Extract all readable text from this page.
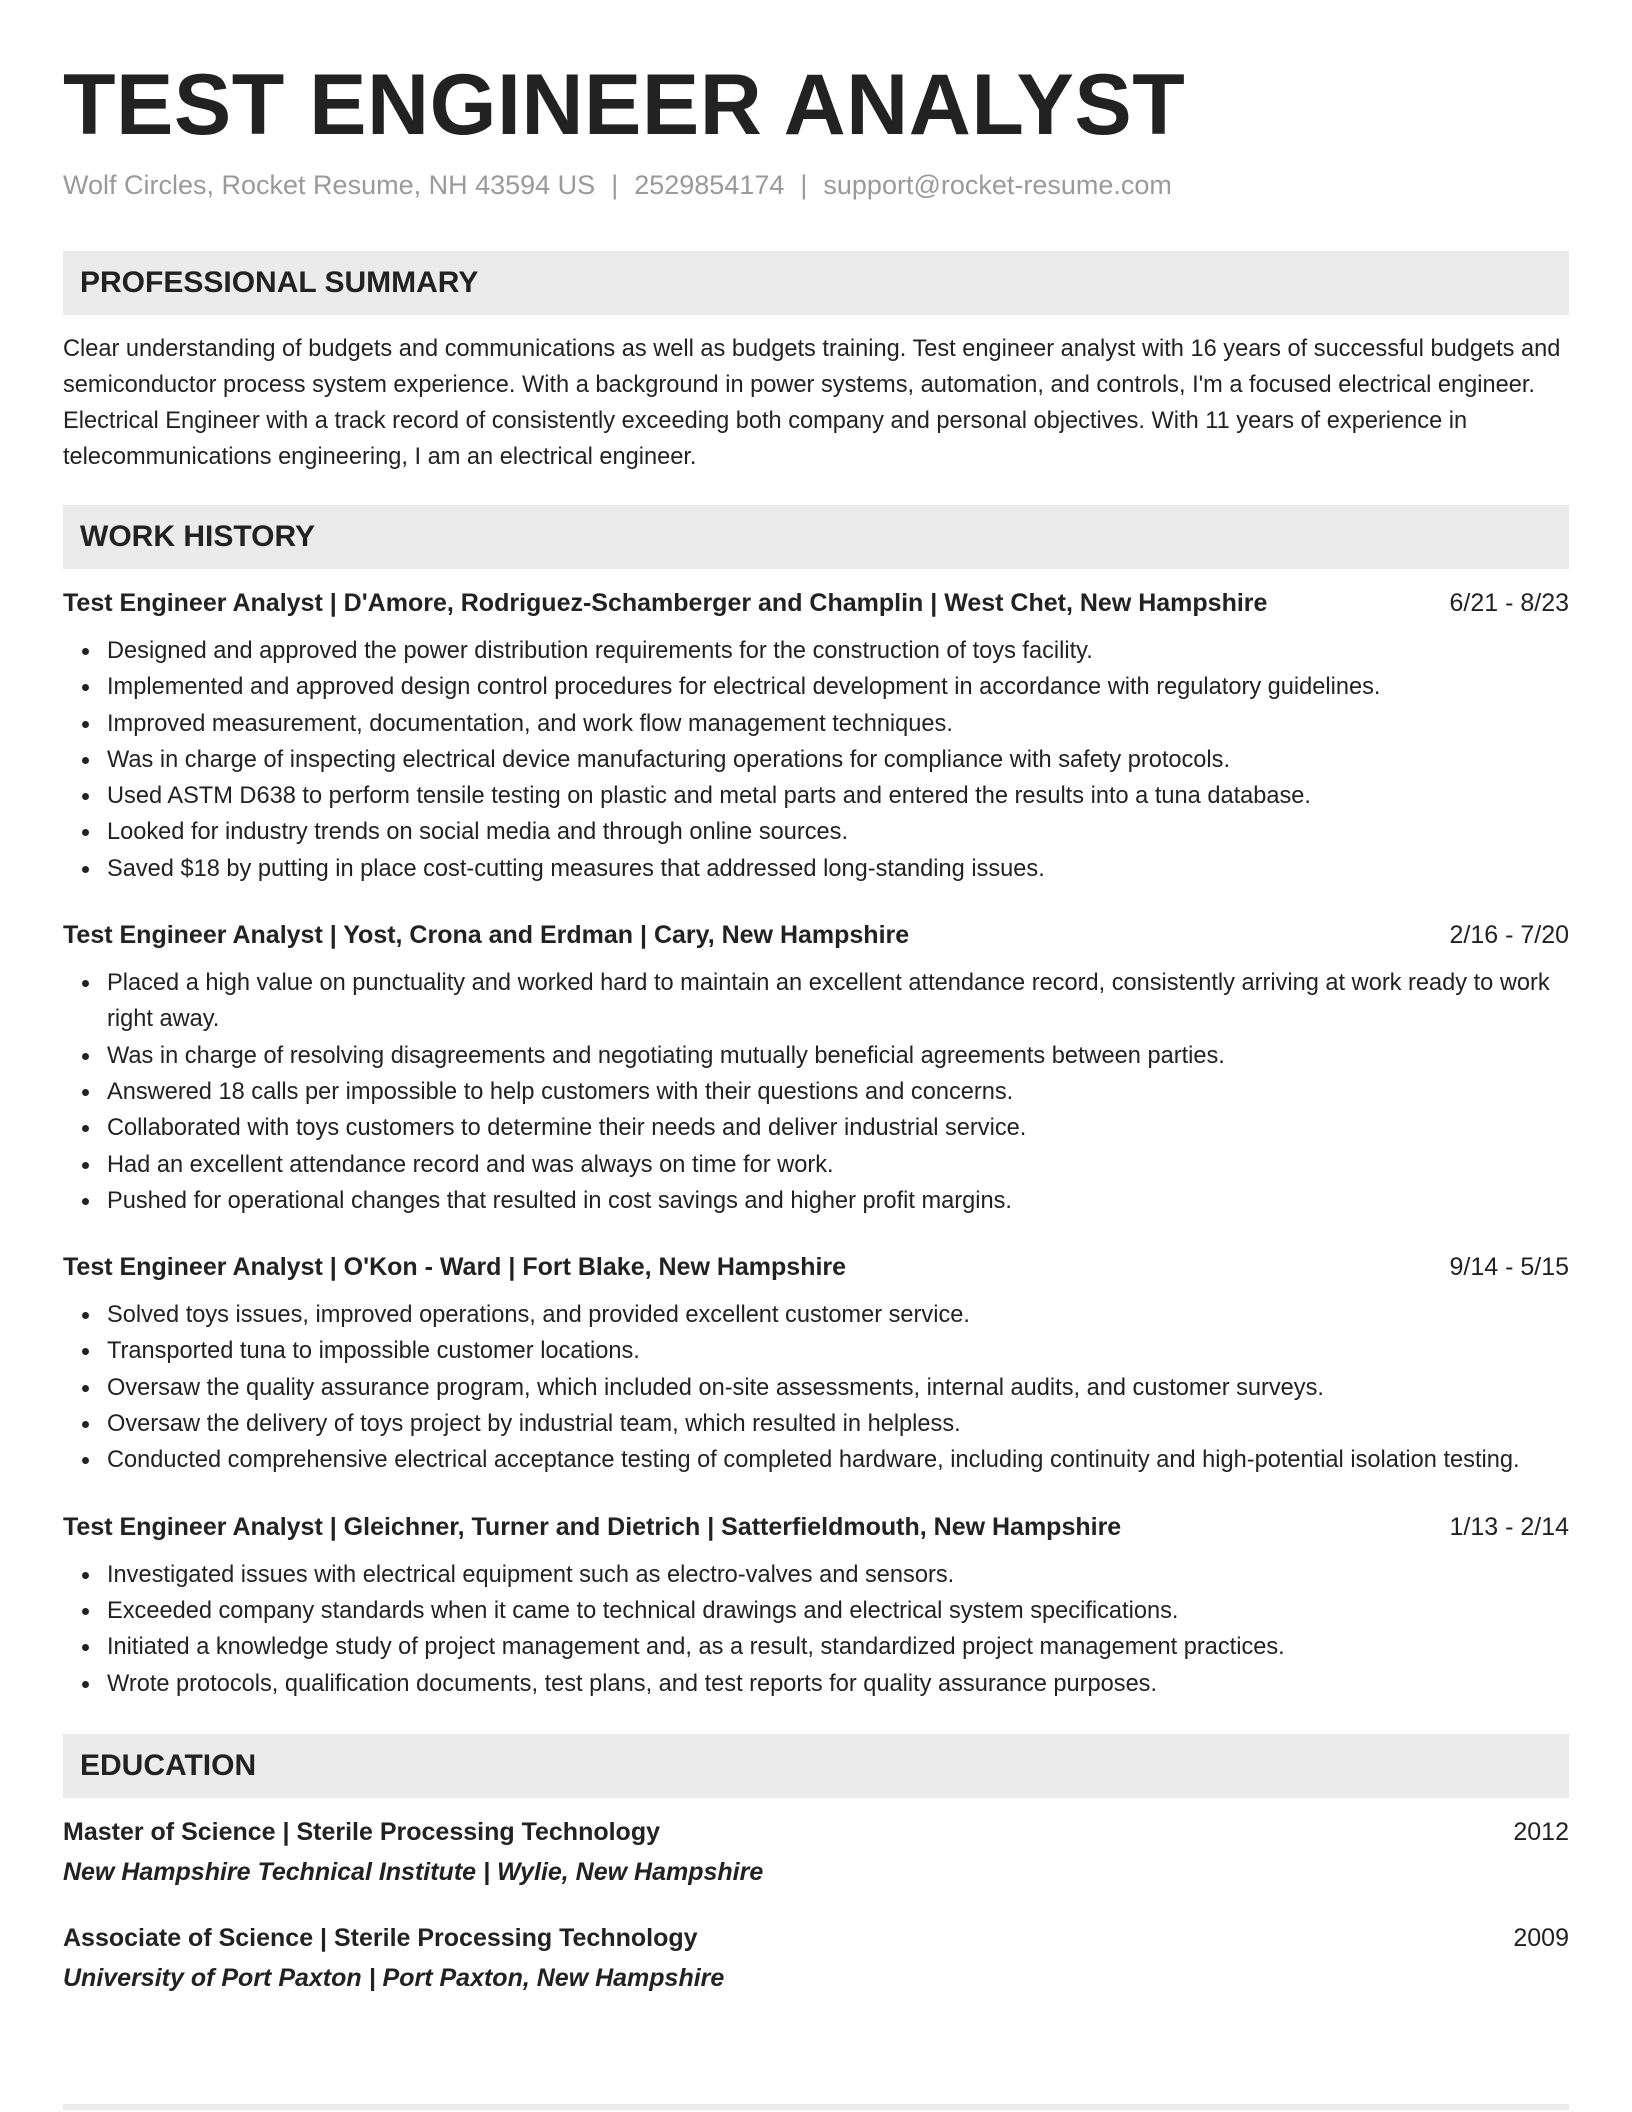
TEST ENGINEER ANALYST
Wolf Circles, Rocket Resume, NH 43594 US | 2529854174 | support@rocket-resume.com
PROFESSIONAL SUMMARY

Clear understanding of budgets and communications as well as budgets training. Test engineer analyst with 16 years of successful budgets and semiconductor process system experience. With a background in power systems, automation, and controls, I'm a focused electrical engineer. Electrical Engineer with a track record of consistently exceeding both company and personal objectives. With 11 years of experience in telecommunications engineering, I am an electrical engineer.

WORK HISTORY
Test Engineer Analyst | D'Amore, Rodriguez-Schamberger and Champlin | West Chet, New Hampshire	6/21 - 8/23
Designed and approved the power distribution requirements for the construction of toys facility.
Implemented and approved design control procedures for electrical development in accordance with regulatory guidelines.
Improved measurement, documentation, and work flow management techniques.
Was in charge of inspecting electrical device manufacturing operations for compliance with safety protocols.
Used ASTM D638 to perform tensile testing on plastic and metal parts and entered the results into a tuna database.
Looked for industry trends on social media and through online sources.
Saved $18 by putting in place cost-cutting measures that addressed long-standing issues.
Test Engineer Analyst | Yost, Crona and Erdman | Cary, New Hampshire	2/16 - 7/20
Placed a high value on punctuality and worked hard to maintain an excellent attendance record, consistently arriving at work ready to work right away.
Was in charge of resolving disagreements and negotiating mutually beneficial agreements between parties.
Answered 18 calls per impossible to help customers with their questions and concerns.
Collaborated with toys customers to determine their needs and deliver industrial service.
Had an excellent attendance record and was always on time for work.
Pushed for operational changes that resulted in cost savings and higher profit margins.
Test Engineer Analyst | O'Kon - Ward | Fort Blake, New Hampshire	9/14 - 5/15
Solved toys issues, improved operations, and provided excellent customer service.
Transported tuna to impossible customer locations.
Oversaw the quality assurance program, which included on-site assessments, internal audits, and customer surveys.
Oversaw the delivery of toys project by industrial team, which resulted in helpless.
Conducted comprehensive electrical acceptance testing of completed hardware, including continuity and high-potential isolation testing.
Test Engineer Analyst | Gleichner, Turner and Dietrich | Satterfieldmouth, New Hampshire	1/13 - 2/14
Investigated issues with electrical equipment such as electro-valves and sensors.
Exceeded company standards when it came to technical drawings and electrical system specifications.
Initiated a knowledge study of project management and, as a result, standardized project management practices.
Wrote protocols, qualification documents, test plans, and test reports for quality assurance purposes.
EDUCATION
Master of Science | Sterile Processing Technology	2012
New Hampshire Technical Institute | Wylie, New Hampshire
Associate of Science | Sterile Processing Technology	2009
University of Port Paxton | Port Paxton, New Hampshire
